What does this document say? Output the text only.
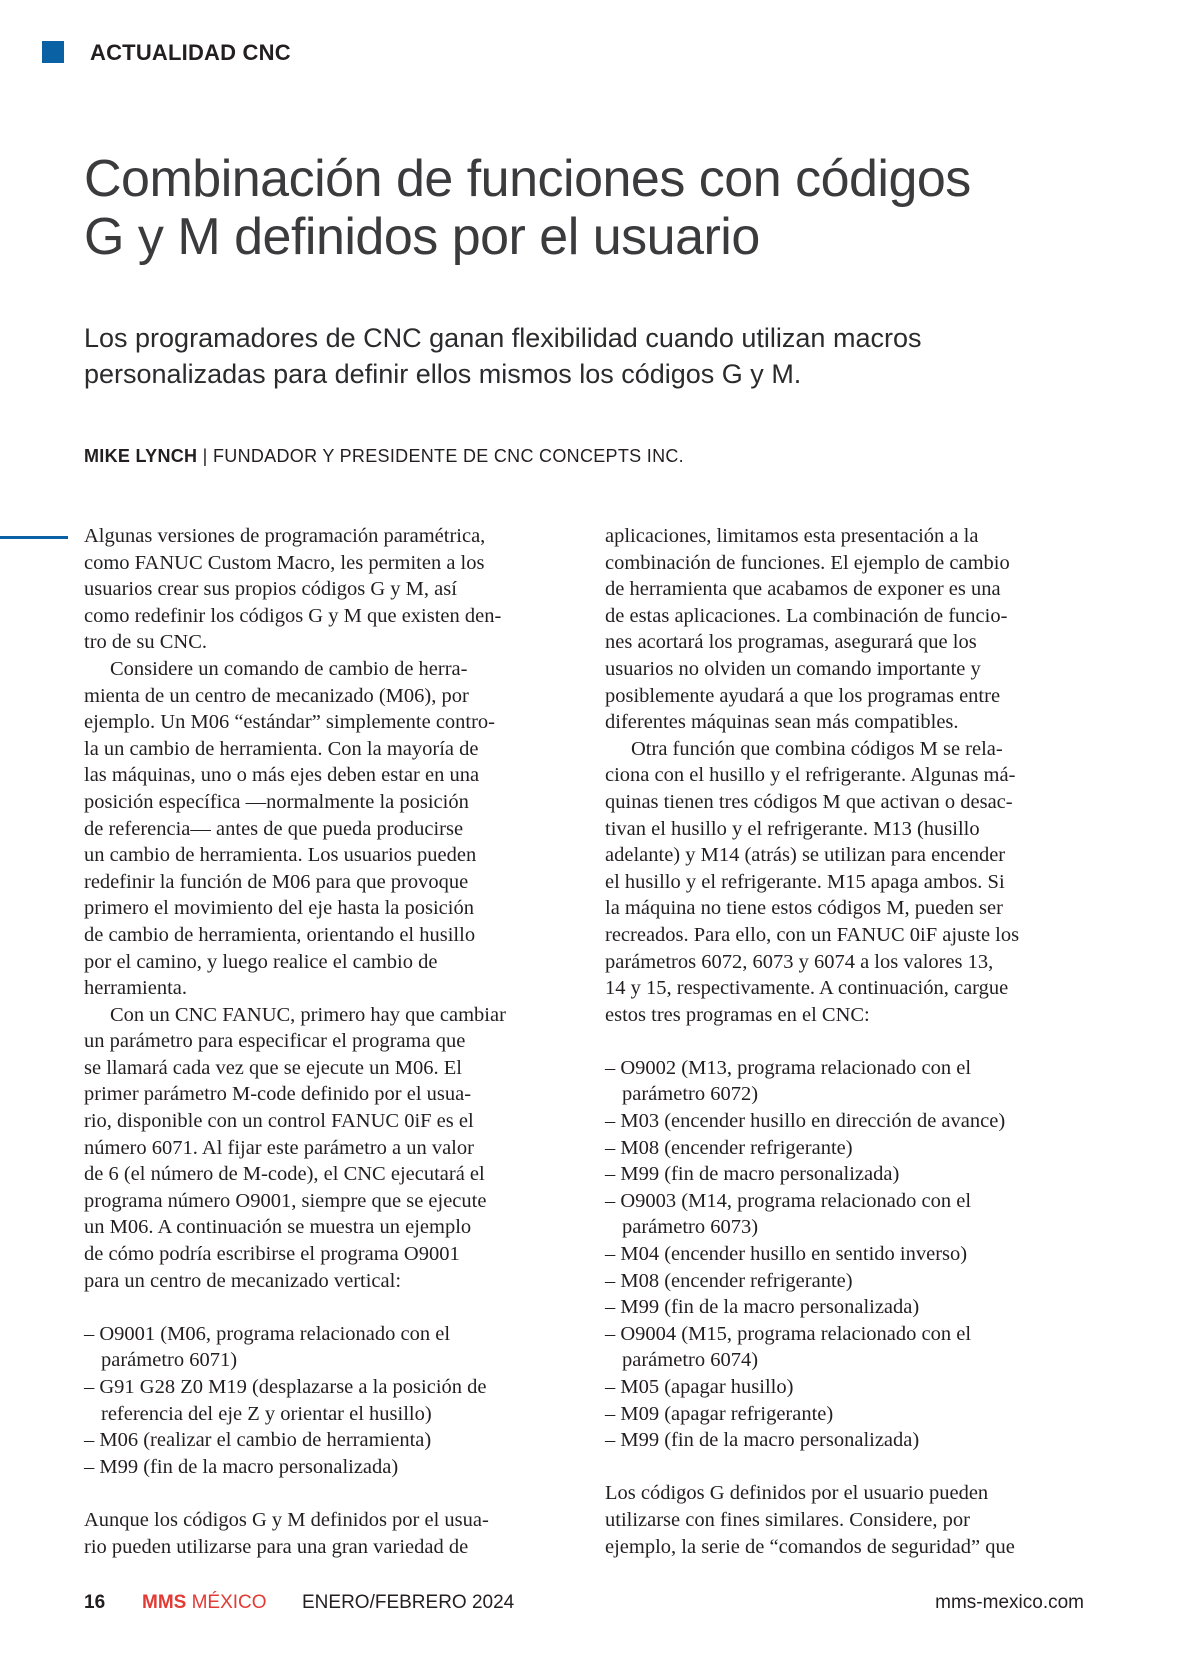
ACTUALIDAD CNC
Combinación de funciones con códigos
G y M definidos por el usuario

Los programadores de CNC ganan flexibilidad cuando utilizan macros
personalizadas para definir ellos mismos los códigos G y M.

MIKE LYNCH | FUNDADOR Y PRESIDENTE DE CNC CONCEPTS INC.
Algunas versiones de programación paramétrica,
como FANUC Custom Macro, les permiten a los
usuarios crear sus propios códigos G y M, así
como redefinir los códigos G y M que existen den-
tro de su CNC.
Considere un comando de cambio de herra-
mienta de un centro de mecanizado (M06), por
ejemplo. Un M06 “estándar” simplemente contro-
la un cambio de herramienta. Con la mayoría de
las máquinas, uno o más ejes deben estar en una
posición específica —normalmente la posición
de referencia— antes de que pueda producirse
un cambio de herramienta. Los usuarios pueden
redefinir la función de M06 para que provoque
primero el movimiento del eje hasta la posición
de cambio de herramienta, orientando el husillo
por el camino, y luego realice el cambio de
herramienta.
Con un CNC FANUC, primero hay que cambiar
un parámetro para especificar el programa que
se llamará cada vez que se ejecute un M06. El
primer parámetro M-code definido por el usua-
rio, disponible con un control FANUC 0iF es el
número 6071. Al fijar este parámetro a un valor
de 6 (el número de M-code), el CNC ejecutará el
programa número O9001, siempre que se ejecute
un M06. A continuación se muestra un ejemplo
de cómo podría escribirse el programa O9001
para un centro de mecanizado vertical:
– O9001 (M06, programa relacionado con el
parámetro 6071)
– G91 G28 Z0 M19 (desplazarse a la posición de
referencia del eje Z y orientar el husillo)
– M06 (realizar el cambio de herramienta)
– M99 (fin de la macro personalizada)
Aunque los códigos G y M definidos por el usua-
rio pueden utilizarse para una gran variedad de
aplicaciones, limitamos esta presentación a la
combinación de funciones. El ejemplo de cambio
de herramienta que acabamos de exponer es una
de estas aplicaciones. La combinación de funcio-
nes acortará los programas, asegurará que los
usuarios no olviden un comando importante y
posiblemente ayudará a que los programas entre
diferentes máquinas sean más compatibles.
Otra función que combina códigos M se rela-
ciona con el husillo y el refrigerante. Algunas má-
quinas tienen tres códigos M que activan o desac-
tivan el husillo y el refrigerante. M13 (husillo
adelante) y M14 (atrás) se utilizan para encender
el husillo y el refrigerante. M15 apaga ambos. Si
la máquina no tiene estos códigos M, pueden ser
recreados. Para ello, con un FANUC 0iF ajuste los
parámetros 6072, 6073 y 6074 a los valores 13,
14 y 15, respectivamente. A continuación, cargue
estos tres programas en el CNC:
– O9002 (M13, programa relacionado con el
parámetro 6072)
– M03 (encender husillo en dirección de avance)
– M08 (encender refrigerante)
– M99 (fin de macro personalizada)
– O9003 (M14, programa relacionado con el
parámetro 6073)
– M04 (encender husillo en sentido inverso)
– M08 (encender refrigerante)
– M99 (fin de la macro personalizada)
– O9004 (M15, programa relacionado con el
parámetro 6074)
– M05 (apagar husillo)
– M09 (apagar refrigerante)
– M99 (fin de la macro personalizada)
Los códigos G definidos por el usuario pueden
utilizarse con fines similares. Considere, por
ejemplo, la serie de “comandos de seguridad” que
16 MMS MÉXICO ENERO/FEBRERO 2024	mms-mexico.com
